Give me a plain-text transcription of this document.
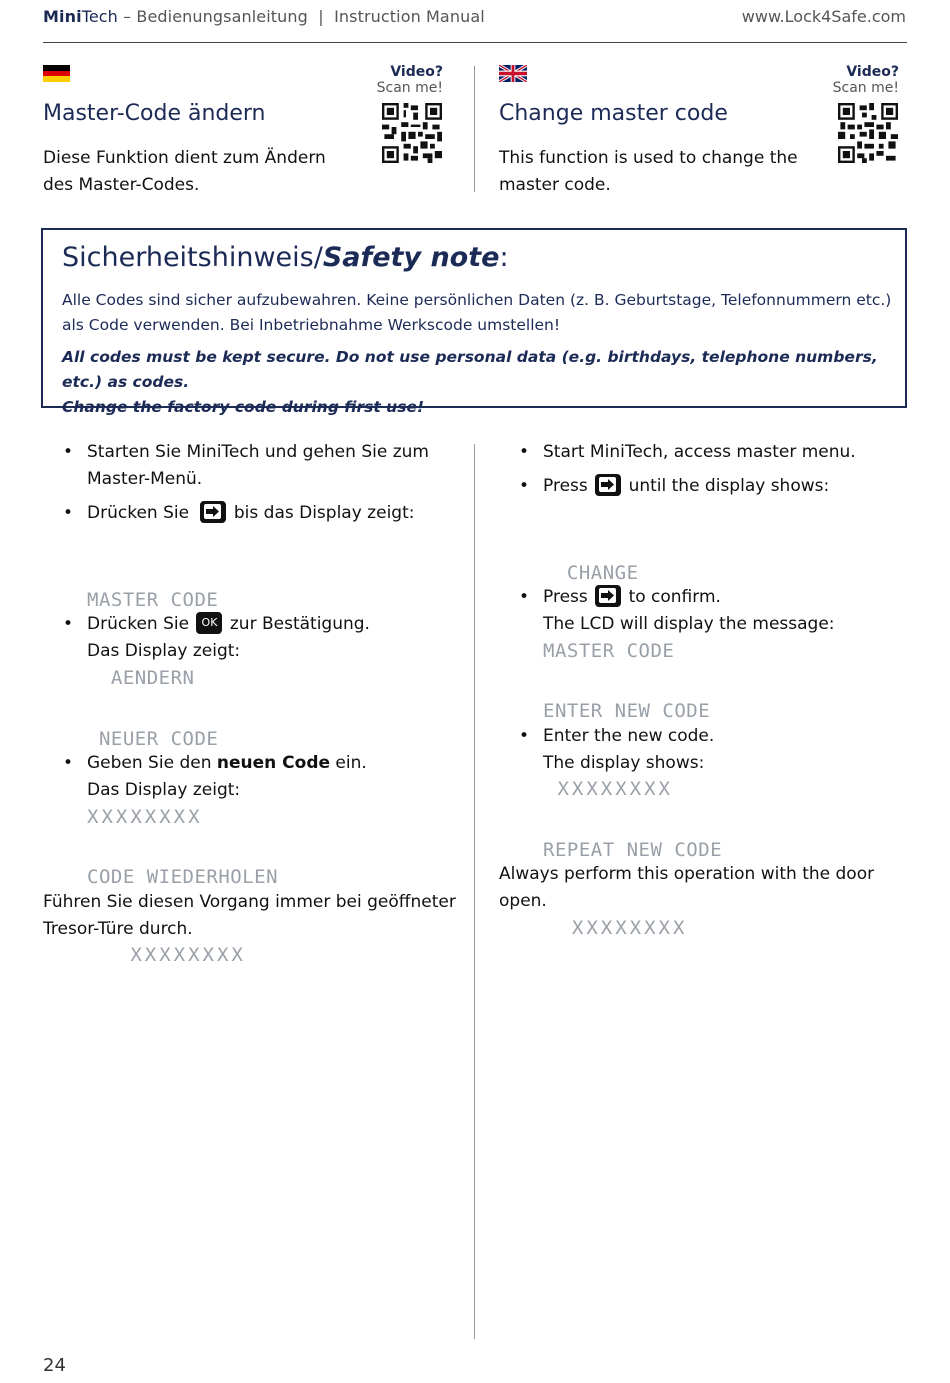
MiniTech – Bedienungsanleitung  |  Instruction Manual	www.Lock4Safe.com
Video?
Scan me!
Master-Code ändern
Diese Funktion dient zum Ändern
des Master-Codes.
Video?
Scan me!
Change master code
This function is used to change the
master code.
Sicherheitshinweis/Safety note:
Alle Codes sind sicher aufzubewahren. Keine persönlichen Daten (z. B. Geburtstage, Telefonnummern etc.)
als Code verwenden. Bei Inbetriebnahme Werkscode umstellen!
All codes must be kept secure. Do not use personal data (e.g. birthdays, telephone numbers, etc.) as codes.
Change the factory code during first use!
• Starten Sie MiniTech und gehen Sie zum
Master-Menü.
• Drücken Sie	bis das Display zeigt:

MASTER CODE

AENDERN

• Drücken Sie	OK zur Bestätigung.
Das Display zeigt:

NEUER CODE

XXXXXXXX

• Geben Sie den neuen Code ein.
Das Display zeigt:

CODE WIEDERHOLEN

XXXXXXXX

Führen Sie diesen Vorgang immer bei geöffneter
Tresor-Türe durch.
• Start MiniTech, access master menu.
• Press until the display shows:

CHANGE

MASTER CODE

• Press to confirm.
The LCD will display the message:

ENTER NEW CODE

XXXXXXXX

• Enter the new code.
The display shows:

REPEAT NEW CODE

XXXXXXXX

Always perform this operation with the door
open.
24
